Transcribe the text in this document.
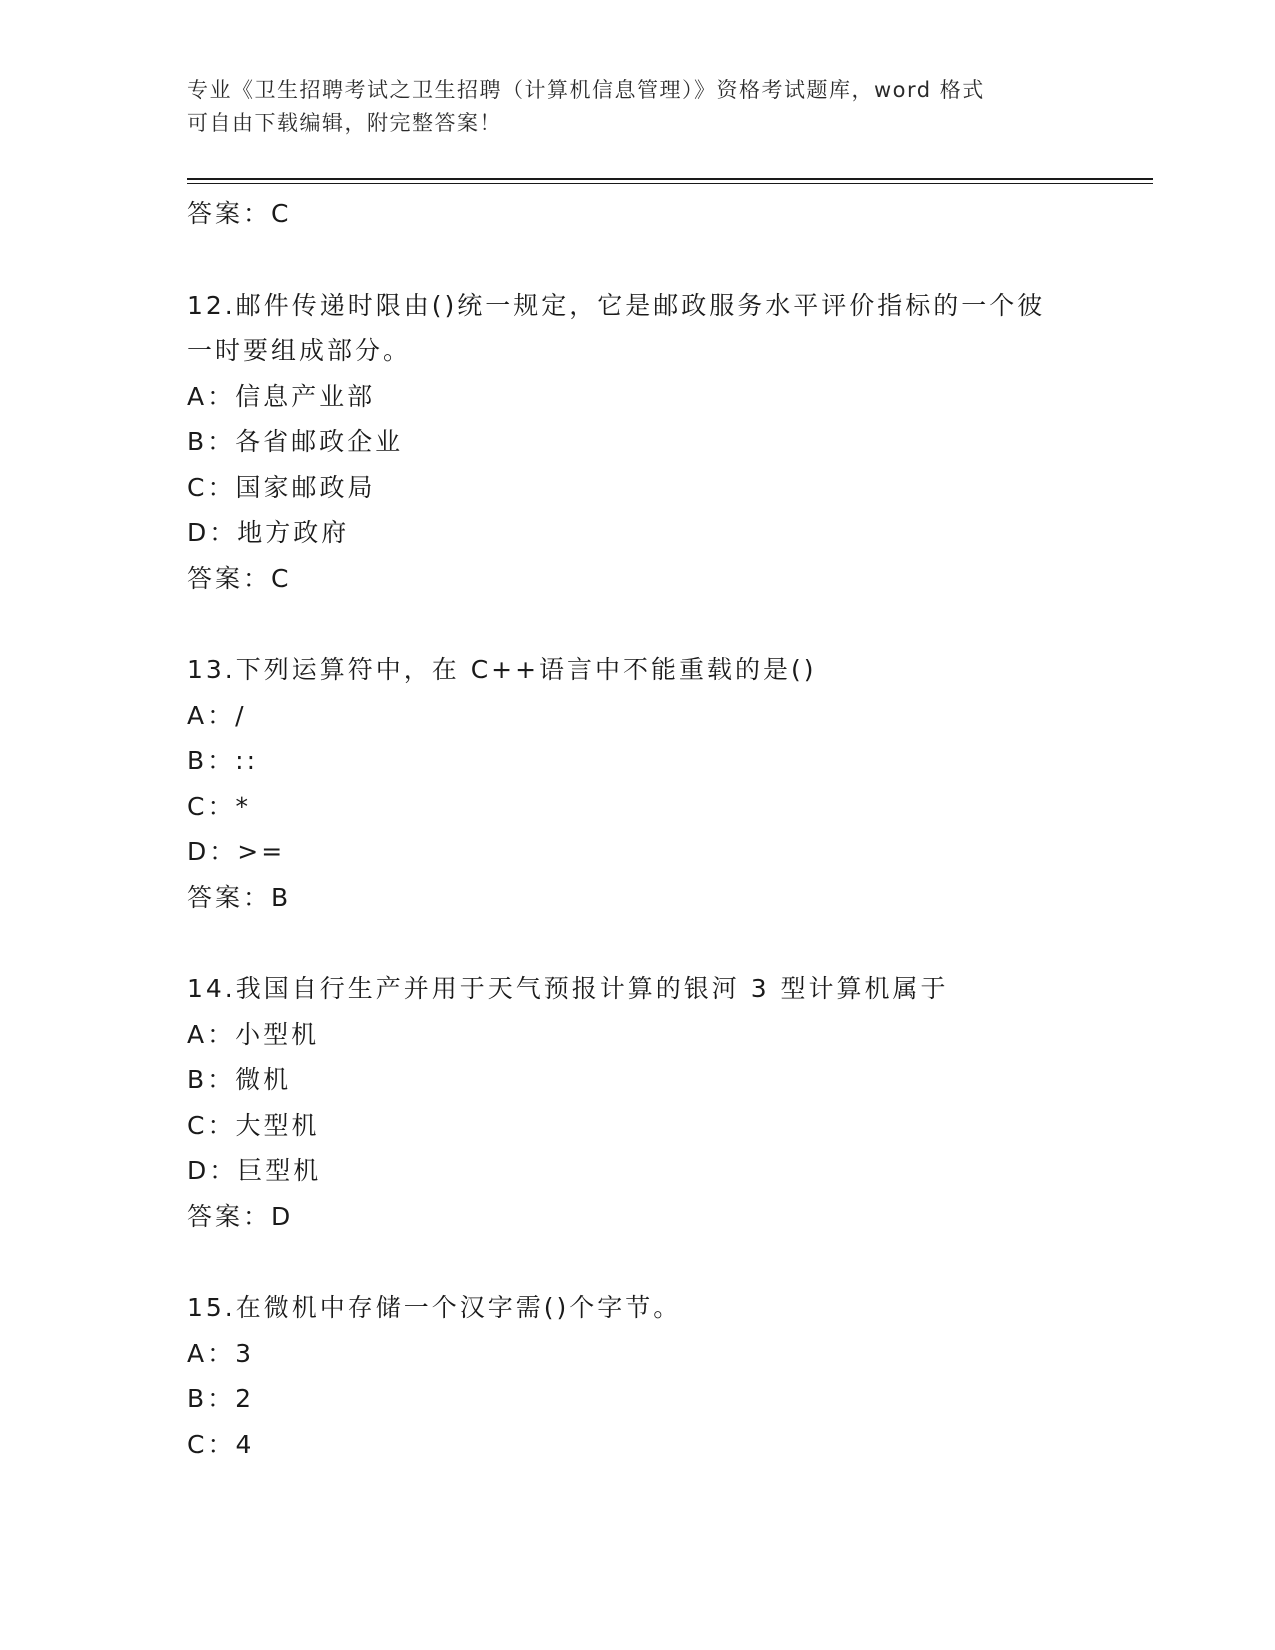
专业《卫生招聘考试之卫生招聘（计算机信息管理）》资格考试题库，word 格式
可自由下载编辑，附完整答案！
答案：C
12.邮件传递时限由()统一规定，它是邮政服务水平评价指标的一个彼
一时要组成部分。
A：信息产业部
B：各省邮政企业
C：国家邮政局
D：地方政府
答案：C
13.下列运算符中，在 C++语言中不能重载的是()
A：/
B：::
C：*
D：>=
答案：B
14.我国自行生产并用于天气预报计算的银河 3 型计算机属于
A：小型机
B：微机
C：大型机
D：巨型机
答案：D
15.在微机中存储一个汉字需()个字节。
A：3
B：2
C：4
